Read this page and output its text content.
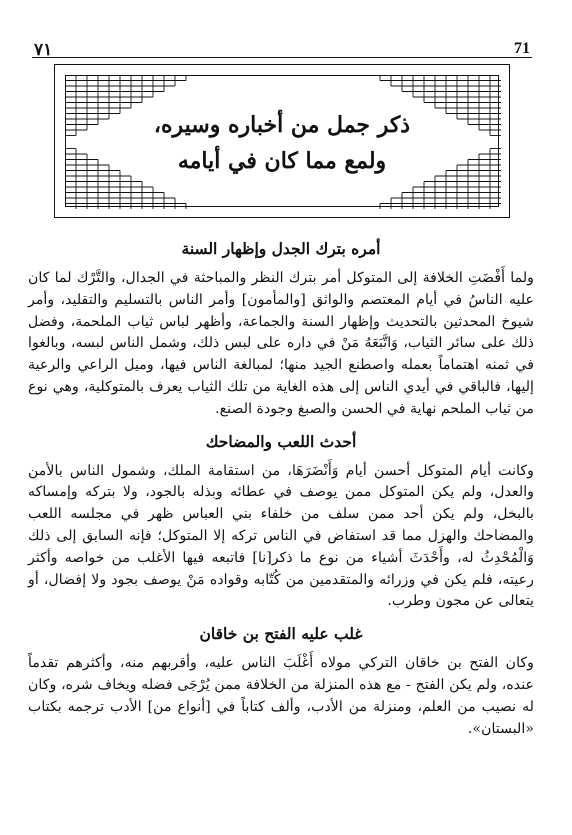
٧١	71
ذكر جمل من أخباره وسيره،
ولمع مما كان في أيامه
أمره بترك الجدل وإظهار السنة

ولما أَفْضَتِ الخلافة إلى المتوكل أمر بترك النظر والمباحثة في الجدال، والتَّرْك لما كان عليه الناسُ في أيام المعتصم والواثق [والمأمون] وأمر الناس بالتسليم والتقليد، وأمر شيوخ المحدثين بالتحديث وإظهار السنة والجماعة، وأظهر لباس ثياب الملحمة، وفضل ذلك على سائر الثياب، وَاتَّبَعَهُ مَنْ في داره على لبس ذلك، وشمل الناس لبسه، وبالغوا في ثمنه اهتماماً بعمله واصطنع الجيد منها؛ لمبالغة الناس فيها، وميل الراعي والرعية إليها، فالباقي في أيدي الناس إلى هذه الغاية من تلك الثياب يعرف بالمتوكلية، وهي نوع من ثياب الملحم نهاية في الحسن والصبغ وجودة الصنع.

أحدث اللعب والمضاحك

وكانت أيام المتوكل أحسن أيام وَأَنْضَرَهَا، من استقامة الملك، وشمول الناس بالأمن والعدل، ولم يكن المتوكل ممن يوصف في عطائه وبذله بالجود، ولا بتركه وإمساكه بالبخل، ولم يكن أحد ممن سلف من خلفاء بني العباس ظهر في مجلسه اللعب والمضاحك والهزل مما قد استفاض في الناس تركه إلا المتوكل؛ فإنه السابق إلى ذلك وَالْمُحْدِثُ له، وأَحْدَثَ أشياء من نوع ما ذكر[نا] فاتبعه فيها الأغلب من خواصه وأكثر رعيته، فلم يكن في وزرائه والمتقدمين من كُتّابه وقواده مَنْ يوصف بجود ولا إفضال، أو يتعالى عن مجون وطرب.

غلب عليه الفتح بن خاقان

وكان الفتح بن خاقان التركي مولاه أَغْلَبَ الناس عليه، وأقربهم منه، وأكثرهم تقدماً عنده، ولم يكن الفتح - مع هذه المنزلة من الخلافة ممن يُرْجَى فضله ويخاف شره، وكان له نصيب من العلم، ومنزلة من الأدب، وألف كتاباً في [أنواع من] الأدب ترجمه بكتاب «البستان».
